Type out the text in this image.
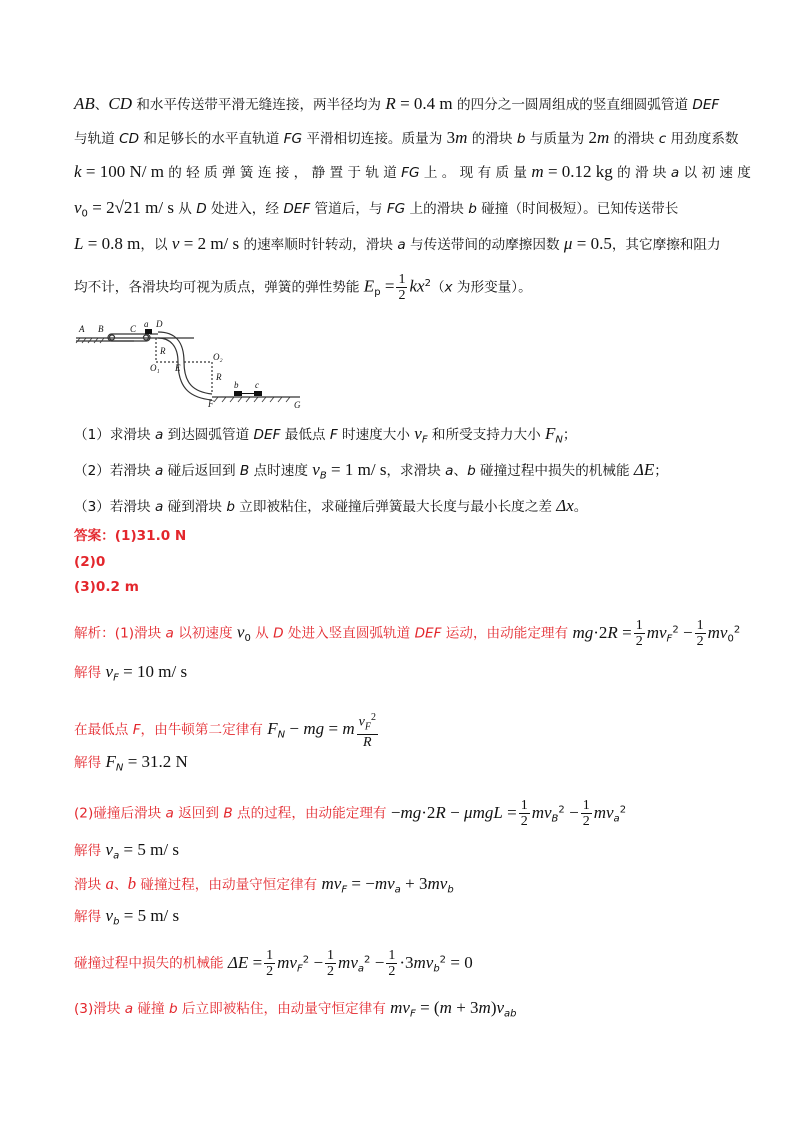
AB、CD 和水平传送带平滑无缝连接，两半径均为 R = 0.4 m 的四分之一圆周组成的竖直细圆弧管道 DEF
与轨道 CD 和足够长的水平直轨道 FG 平滑相切连接。质量为 3m 的滑块 b 与质量为 2m 的滑块 c 用劲度系数
k = 100 N/ m 的 轻 质 弹 簧 连 接 ， 静 置 于 轨 道 FG 上 。 现 有 质 量 m = 0.12 kg 的 滑 块 a 以 初 速 度
$v_0 = 2√21$ m/ s 从 D 处进入，经 DEF 管道后，与 FG 上的滑块 b 碰撞（时间极短）。已知传送带长
L = 0.8 m，以 v = 2 m/ s 的速率顺时针转动，滑块 a 与传送带间的动摩擦因数 μ = 0.5，其它摩擦和阻力
均不计，各滑块均可视为质点，弹簧的弹性势能 $E_p = \frac{1}{2} kx^2(x$ 为形变量）。
A B	C a D
R
O₁ E
O₂
R
F
b c
G
（1）求滑块 a 到达圆弧管道 DEF 最低点 F 时速度大小 $v_F$ 和所受支持力大小 $F_N$；
（2）若滑块 a 碰后返回到 B 点时速度 $v_B = 1$ m/ s，求滑块 a、b 碰撞过程中损失的机械能 ΔE；
（3）若滑块 a 碰到滑块 b 立即被粘住，求碰撞后弹簧最大长度与最小长度之差 Δx。
答案：(1)31.0 N
(2)0
(3)0.2 m
解析：(1)滑块 a 以初速度 $v_0$ 从 D 处进入竖直圆弧轨道 DEF 运动，由动能定理有 $mg\cdot 2R = \frac{1}{2} mv_F^2 - \frac{1}{2} mv_0^2$
解得 $v_F = 10$ m/ s
在最低点 F，由牛顿第二定律有 $F_N$ − mg = m $\frac{v_F^2}{R}$
解得 $F_N = 31.2$ N
(2)碰撞后滑块 a 返回到 B 点的过程，由动能定理有 $-mg\cdot 2R - \mu mgL = \frac{1}{2} mv_B^2 - \frac{1}{2} mv_a^2$
解得 $v_a = 5$ m/ s
滑块 a、b 碰撞过程，由动量守恒定律有 $mv_F = -mv_a + 3mv_b$
解得 $v_b = 5$ m/ s
碰撞过程中损失的机械能 $\Delta E = \frac{1}{2} mv_F^2 - \frac{1}{2} mv_a^2 - \frac{1}{2} \cdot 3mv_b^2 = 0$
(3)滑块 a 碰撞 b 后立即被粘住，由动量守恒定律有 $mv_F = (m + 3m)v_{ab}$
